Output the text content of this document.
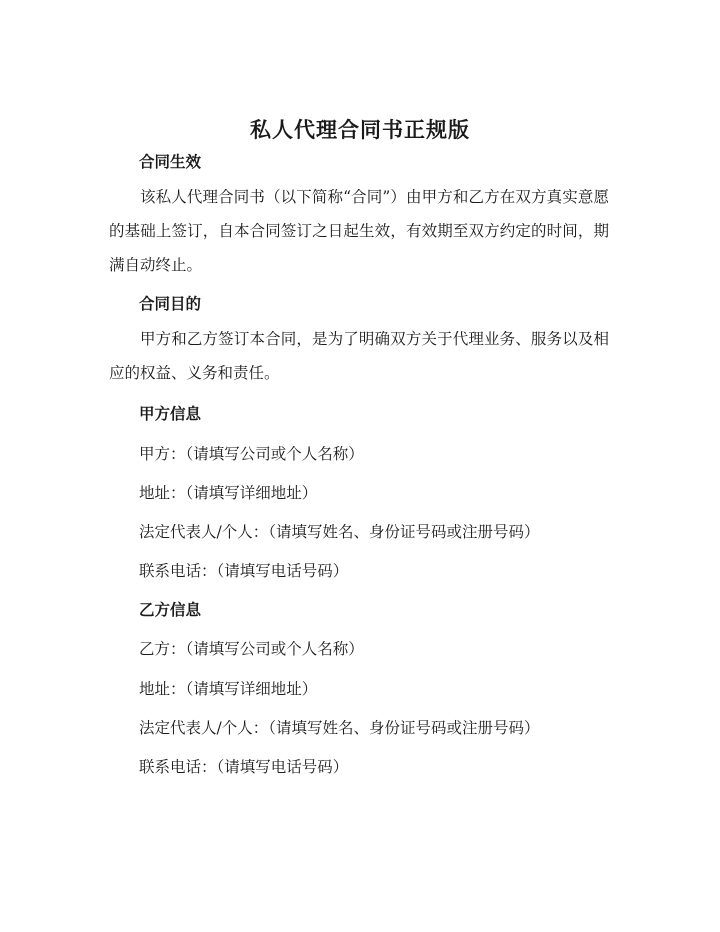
私人代理合同书正规版
合同生效
该私人代理合同书（以下简称“合同”）由甲方和乙方在双方真实意愿的基础上签订，自本合同签订之日起生效，有效期至双方约定的时间，期满自动终止。
合同目的
甲方和乙方签订本合同，是为了明确双方关于代理业务、服务以及相应的权益、义务和责任。
甲方信息
甲方：（请填写公司或个人名称）
地址：（请填写详细地址）
法定代表人/个人：（请填写姓名、身份证号码或注册号码）
联系电话：（请填写电话号码）
乙方信息
乙方：（请填写公司或个人名称）
地址：（请填写详细地址）
法定代表人/个人：（请填写姓名、身份证号码或注册号码）
联系电话：（请填写电话号码）
